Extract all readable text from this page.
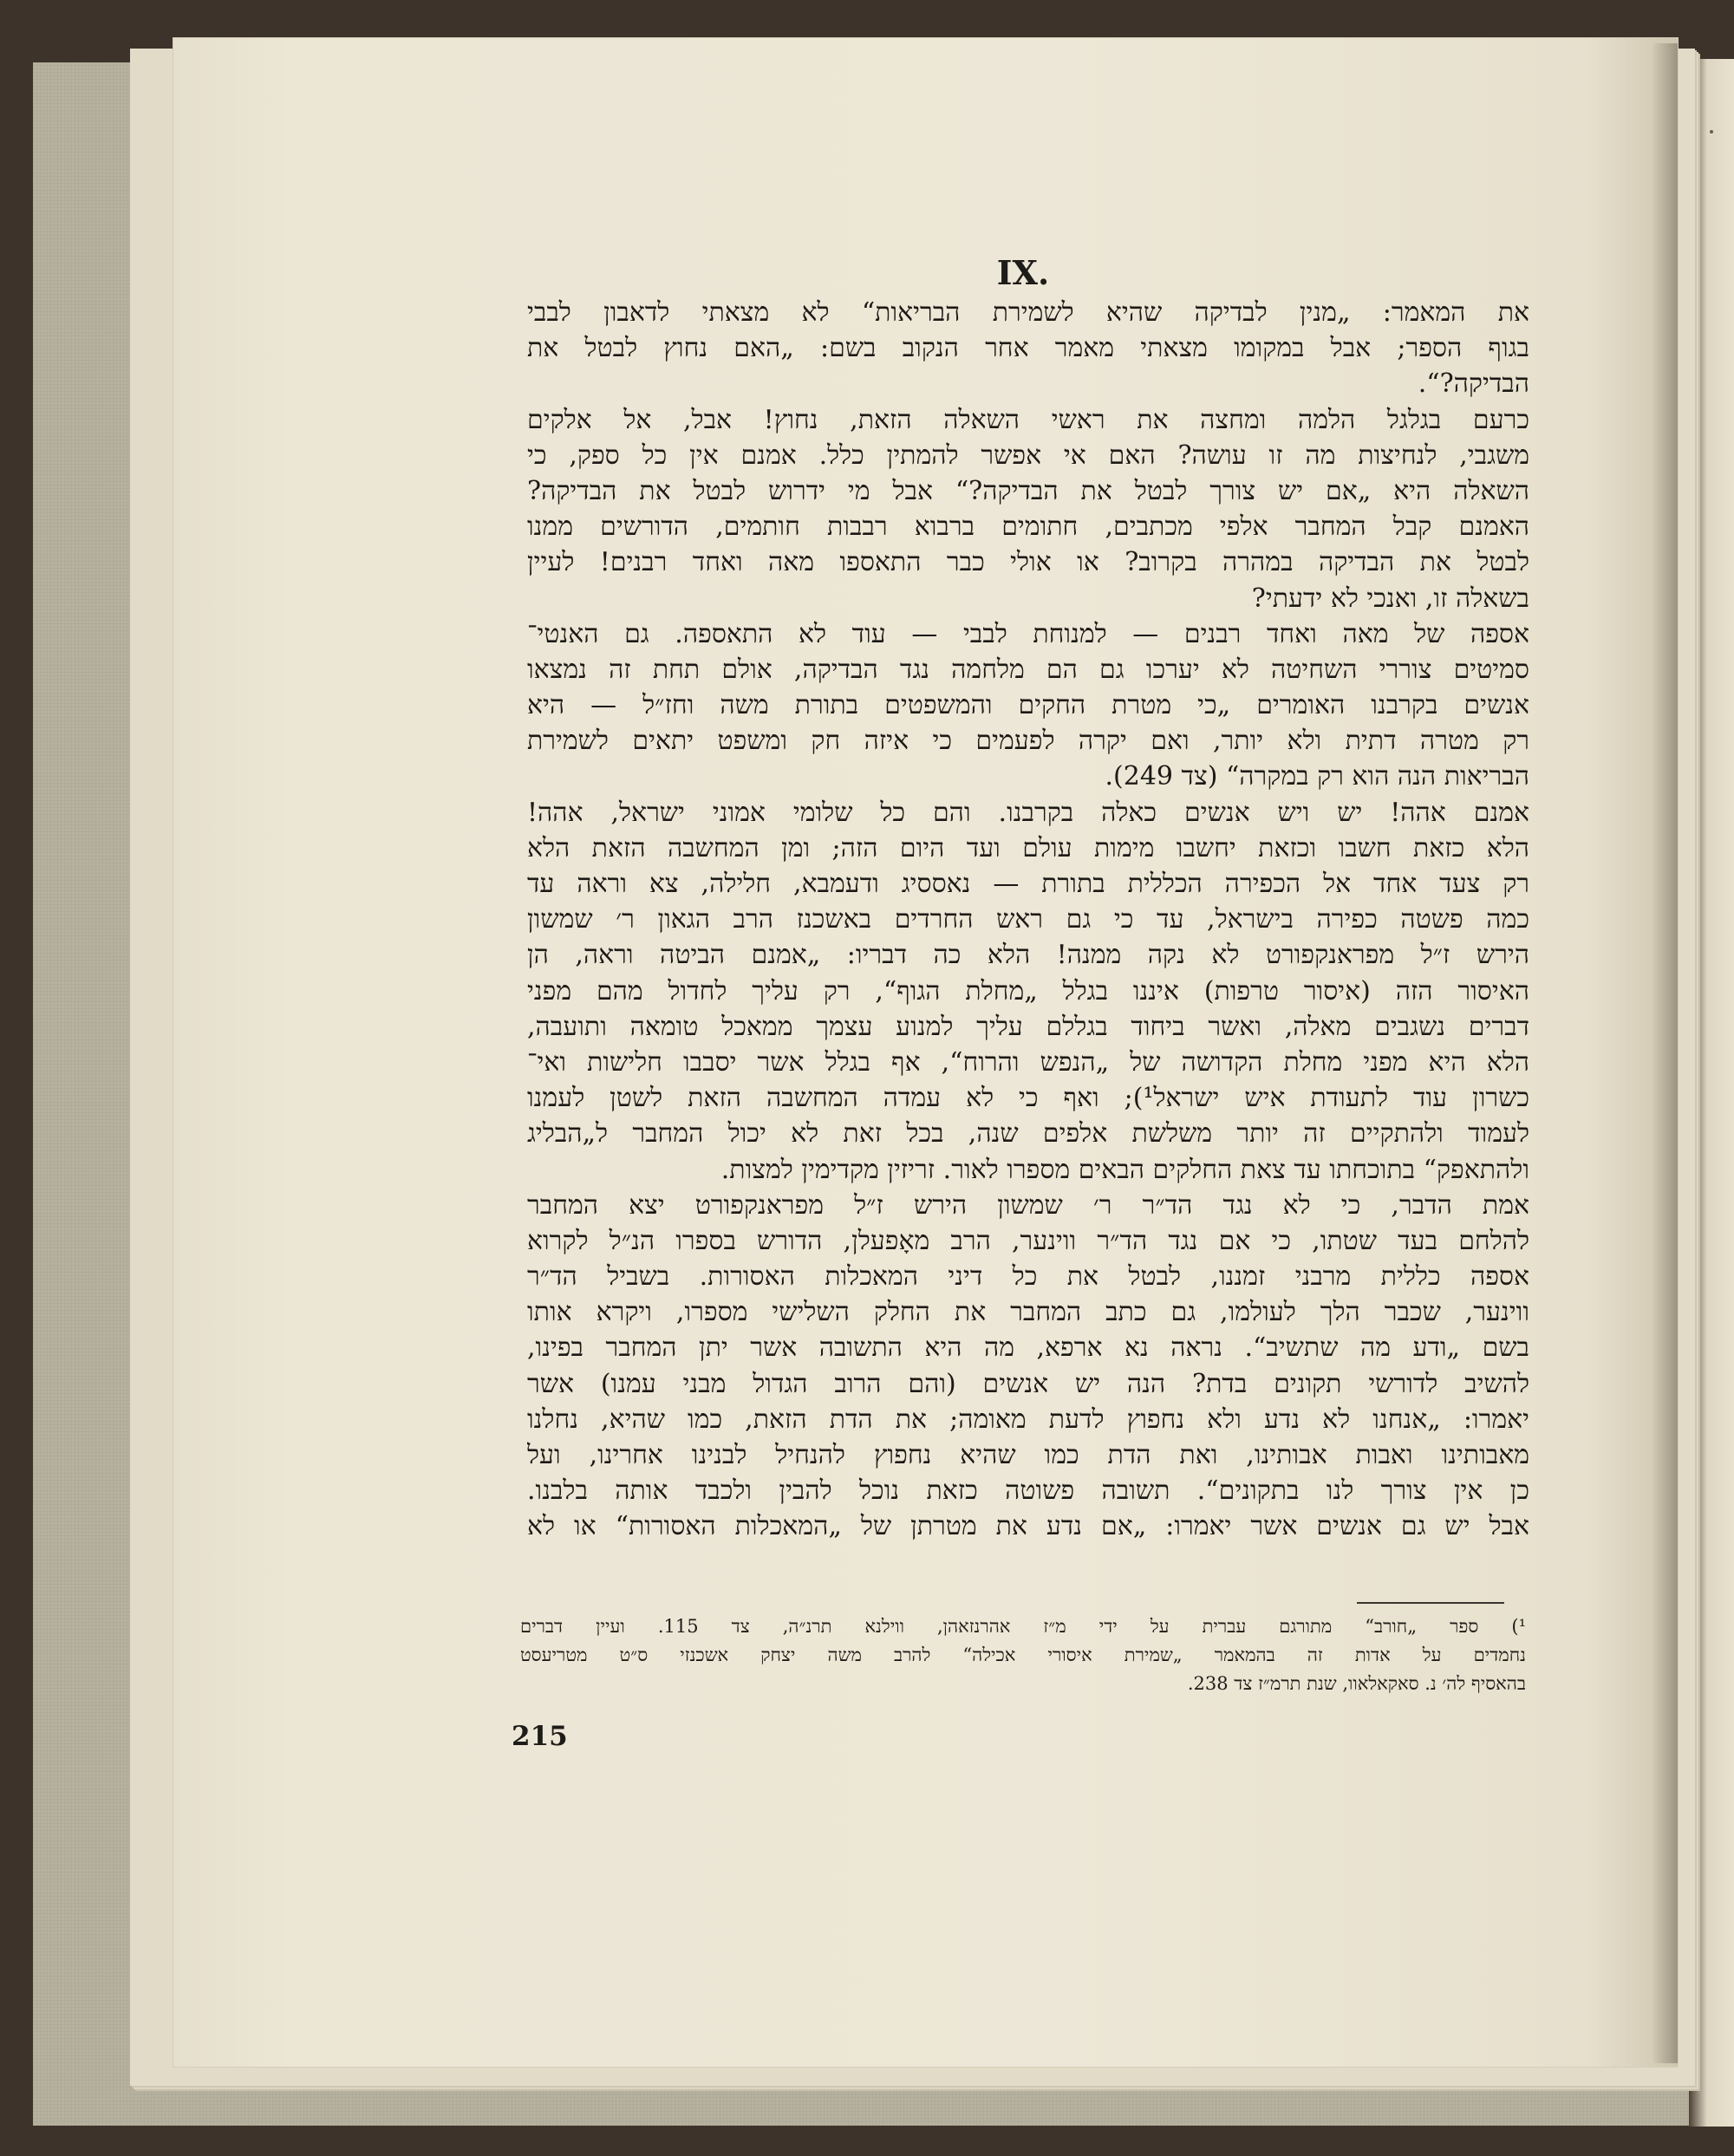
IX.
את המאמר: „מנין לבדיקה שהיא לשמירת הבריאות“ לא מצאתי לדאבון לבבי
בגוף הספר; אבל במקומו מצאתי מאמר אחר הנקוב בשם: „האם נחוץ לבטל את
הבדיקה?“.
כרעם בגלגל הלמה ומחצה את ראשי השאלה הזאת, נחוץ! אבל, אל אלקים
משגבי, לנחיצות מה זו עושה? האם אי אפשר להמתין כלל. אמנם אין כל ספק, כי
השאלה היא „אם יש צורך לבטל את הבדיקה?“ אבל מי ידרוש לבטל את הבדיקה?
האמנם קבל המחבר אלפי מכתבים, חתומים ברבוא רבבות חותמים, הדורשים ממנו
לבטל את הבדיקה במהרה בקרוב? או אולי כבר התאספו מאה ואחד רבנים! לעיין
בשאלה זו, ואנכי לא ידעתי?
אספה של מאה ואחד רבנים — למנוחת לבבי — עוד לא התאספה. גם האנטי־
סמיטים צוררי השחיטה לא יערכו גם הם מלחמה נגד הבדיקה, אולם תחת זה נמצאו
אנשים בקרבנו האומרים „כי מטרת החקים והמשפטים בתורת משה וחז״ל — היא
רק מטרה דתית ולא יותר, ואם יקרה לפעמים כי איזה חק ומשפט יתאים לשמירת
הבריאות הנה הוא רק במקרה“ (צד 249).
אמנם אהה! יש ויש אנשים כאלה בקרבנו. והם כל שלומי אמוני ישראל, אהה!
הלא כזאת חשבו וכזאת יחשבו מימות עולם ועד היום הזה; ומן המחשבה הזאת הלא
רק צעד אחד אל הכפירה הכללית בתורת — נאססיג ודעמבא, חלילה, צא וראה עד
כמה פשטה כפירה בישראל, עד כי גם ראש החרדים באשכנז הרב הגאון ר׳ שמשון
הירש ז״ל מפראנקפורט לא נקה ממנה! הלא כה דבריו: „אמנם הביטה וראה, הן
האיסור הזה (איסור טרפות) איננו בגלל „מחלת הגוף“, רק עליך לחדול מהם מפני
דברים נשגבים מאלה, ואשר ביחוד בגללם עליך למנוע עצמך ממאכל טומאה ותועבה,
הלא היא מפני מחלת הקדושה של „הנפש והרוח“, אף בגלל אשר יסבבו חלישות ואי־
כשרון עוד לתעודת איש ישראל¹); ואף כי לא עמדה המחשבה הזאת לשטן לעמנו
לעמוד ולהתקיים זה יותר משלשת אלפים שנה, בכל זאת לא יכול המחבר ל„הבליג
ולהתאפק“ בתוכחתו עד צאת החלקים הבאים מספרו לאור. זריזין מקדימין למצות.
אמת הדבר, כי לא נגד הד״ר ר׳ שמשון הירש ז״ל מפראנקפורט יצא המחבר
להלחם בעד שטתו, כי אם נגד הד״ר ווינער, הרב מאָפעלן, הדורש בספרו הנ״ל לקרוא
אספה כללית מרבני זמננו, לבטל את כל דיני המאכלות האסורות. בשביל הד״ר
ווינער, שכבר הלך לעולמו, גם כתב המחבר את החלק השלישי מספרו, ויקרא אותו
בשם „ודע מה שתשיב“. נראה נא ארפא, מה היא התשובה אשר יתן המחבר בפינו,
להשיב לדורשי תקונים בדת? הנה יש אנשים (והם הרוב הגדול מבני עמנו) אשר
יאמרו: „אנחנו לא נדע ולא נחפוץ לדעת מאומה; את הדת הזאת, כמו שהיא, נחלנו
מאבותינו ואבות אבותינו, ואת הדת כמו שהיא נחפוץ להנחיל לבנינו אחרינו, ועל
כן אין צורך לנו בתקונים“. תשובה פשוטה כזאת נוכל להבין ולכבד אותה בלבנו.
אבל יש גם אנשים אשר יאמרו: „אם נדע את מטרתן של „המאכלות האסורות“ או לא
¹) ספר „חורב“ מתורגם עברית על ידי מ״ז אהרנזאהן, ווילנא תרנ״ה, צד 115. ועיין דברים
נחמדים על אדות זה בהמאמר „שמירת איסורי אכילה“ להרב משה יצחק אשכנזי ס״ט מטריעסט
בהאסיף לה׳ נ. סאקאלאוו, שנת תרמ״ז צד 238.
215
